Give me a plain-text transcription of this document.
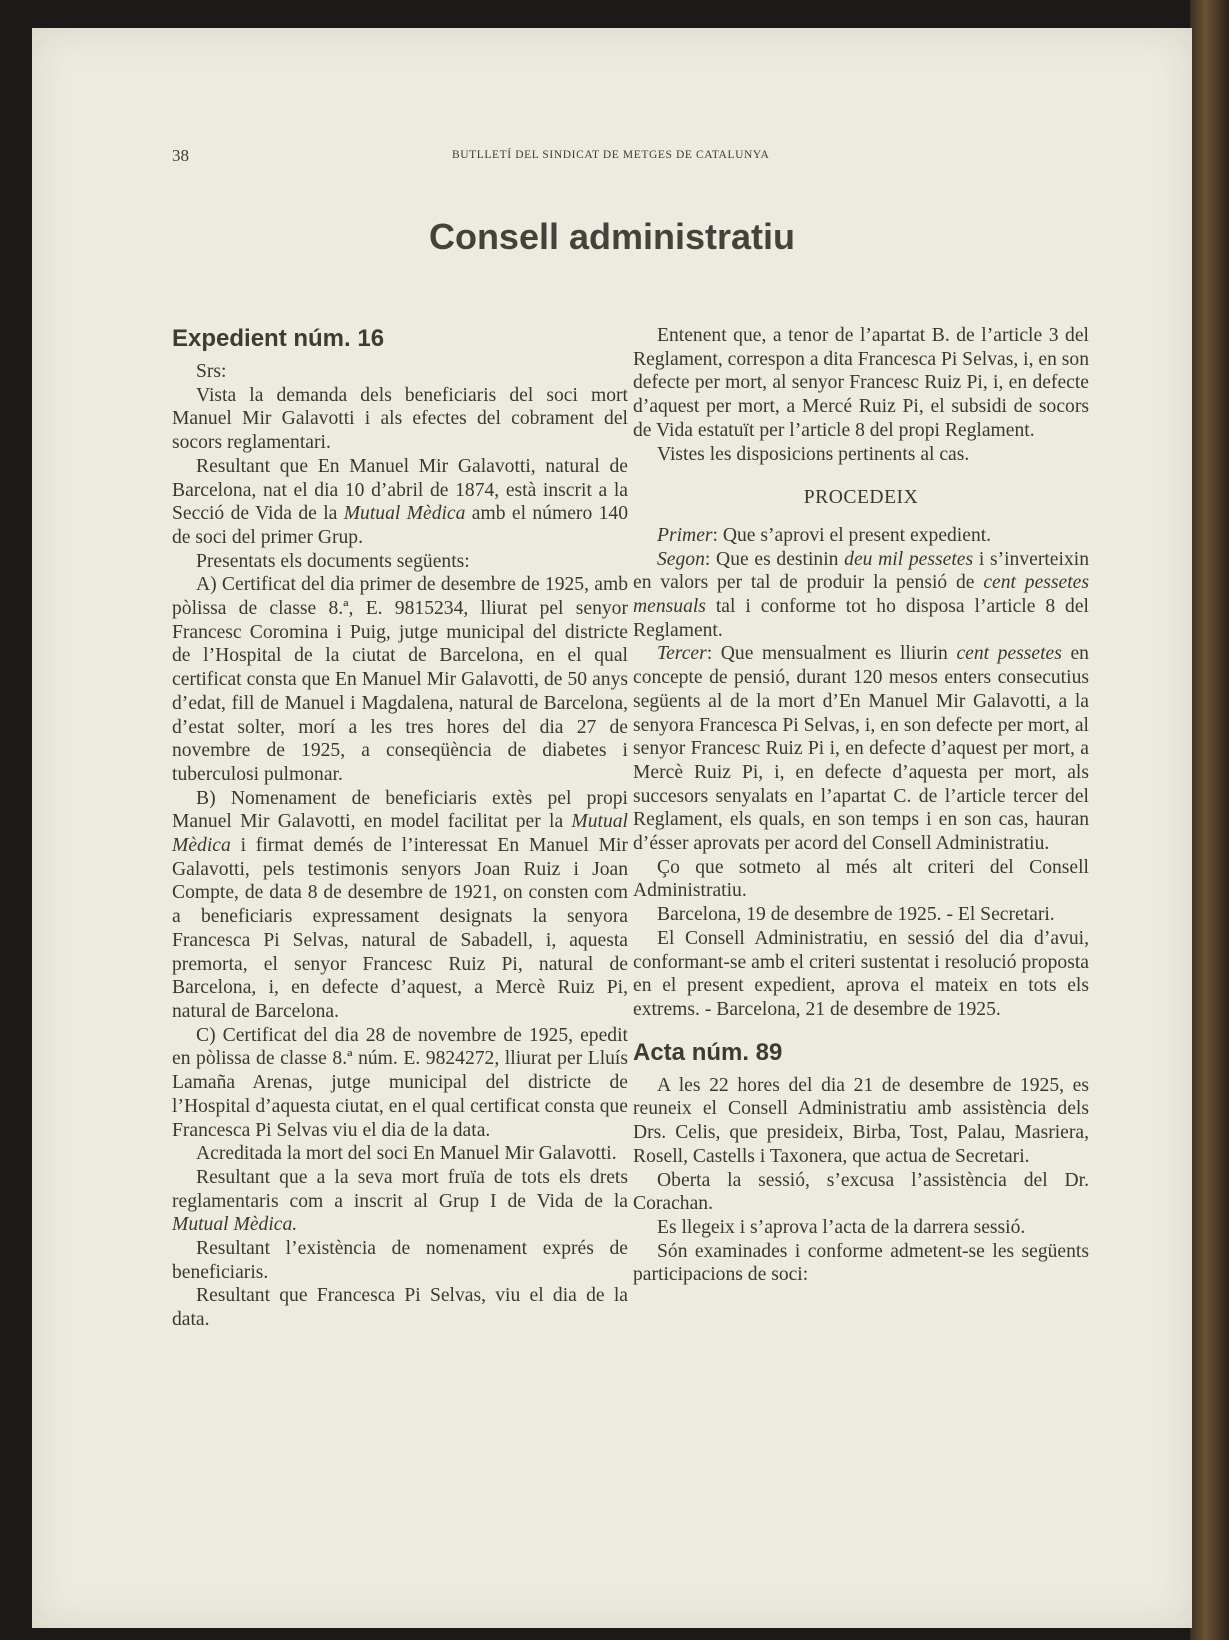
38	BUTLLETÍ DEL SINDICAT DE METGES DE CATALUNYA
Consell administratiu
Expedient núm. 16

Srs:

Vista la demanda dels beneficiaris del soci mort Manuel Mir Galavotti i als efectes del cobrament del socors reglamentari.

Resultant que En Manuel Mir Galavotti, natural de Barcelona, nat el dia 10 d’abril de 1874, està inscrit a la Secció de Vida de la Mutual Mèdica amb el número 140 de soci del primer Grup.

Presentats els documents següents:

A) Certificat del dia primer de desembre de 1925, amb pòlissa de classe 8.ª, E. 9815234, lliurat pel senyor Francesc Coromina i Puig, jutge municipal del districte de l’Hospital de la ciutat de Barcelona, en el qual certificat consta que En Manuel Mir Galavotti, de 50 anys d’edat, fill de Manuel i Magdalena, natural de Barcelona, d’estat solter, morí a les tres hores del dia 27 de novembre de 1925, a conseqüència de diabetes i tuberculosi pulmonar.

B) Nomenament de beneficiaris extès pel propi Manuel Mir Galavotti, en model facilitat per la Mutual Mèdica i firmat demés de l’interessat En Manuel Mir Galavotti, pels testimonis senyors Joan Ruiz i Joan Compte, de data 8 de desembre de 1921, on consten com a beneficiaris expressament designats la senyora Francesca Pi Selvas, natural de Sabadell, i, aquesta premorta, el senyor Francesc Ruiz Pi, natural de Barcelona, i, en defecte d’aquest, a Mercè Ruiz Pi, natural de Barcelona.

C) Certificat del dia 28 de novembre de 1925, epedit en pòlissa de classe 8.ª núm. E. 9824272, lliurat per Lluís Lamaña Arenas, jutge municipal del districte de l’Hospital d’aquesta ciutat, en el qual certificat consta que Francesca Pi Selvas viu el dia de la data.

Acreditada la mort del soci En Manuel Mir Galavotti.

Resultant que a la seva mort fruïa de tots els drets reglamentaris com a inscrit al Grup I de Vida de la Mutual Mèdica.

Resultant l’existència de nomenament exprés de beneficiaris.

Resultant que Francesca Pi Selvas, viu el dia de la data.

Entenent que, a tenor de l’apartat B. de l’article 3 del Reglament, correspon a dita Francesca Pi Selvas, i, en son defecte per mort, al senyor Francesc Ruiz Pi, i, en defecte d’aquest per mort, a Mercé Ruiz Pi, el subsidi de socors de Vida estatuït per l’article 8 del propi Reglament.

Vistes les disposicions pertinents al cas.

PROCEDEIX

Primer: Que s’aprovi el present expedient.

Segon: Que es destinin deu mil pessetes i s’inverteixin en valors per tal de produir la pensió de cent pessetes mensuals tal i conforme tot ho disposa l’article 8 del Reglament.

Tercer: Que mensualment es lliurin cent pessetes en concepte de pensió, durant 120 mesos enters consecutius següents al de la mort d’En Manuel Mir Galavotti, a la senyora Francesca Pi Selvas, i, en son defecte per mort, al senyor Francesc Ruiz Pi i, en defecte d’aquest per mort, a Mercè Ruiz Pi, i, en defecte d’aquesta per mort, als succesors senyalats en l’apartat C. de l’article tercer del Reglament, els quals, en son temps i en son cas, hauran d’ésser aprovats per acord del Consell Administratiu.

Ço que sotmeto al més alt criteri del Consell Administratiu.

Barcelona, 19 de desembre de 1925. - El Secretari.

El Consell Administratiu, en sessió del dia d’avui, conformant-se amb el criteri sustentat i resolució proposta en el present expedient, aprova el mateix en tots els extrems. - Barcelona, 21 de desembre de 1925.

Acta núm. 89

A les 22 hores del dia 21 de desembre de 1925, es reuneix el Consell Administratiu amb assistència dels Drs. Celis, que presideix, Birba, Tost, Palau, Masriera, Rosell, Castells i Taxonera, que actua de Secretari.

Oberta la sessió, s’excusa l’assistència del Dr. Corachan.

Es llegeix i s’aprova l’acta de la darrera sessió.

Són examinades i conforme admetent-se les següents participacions de soci:
